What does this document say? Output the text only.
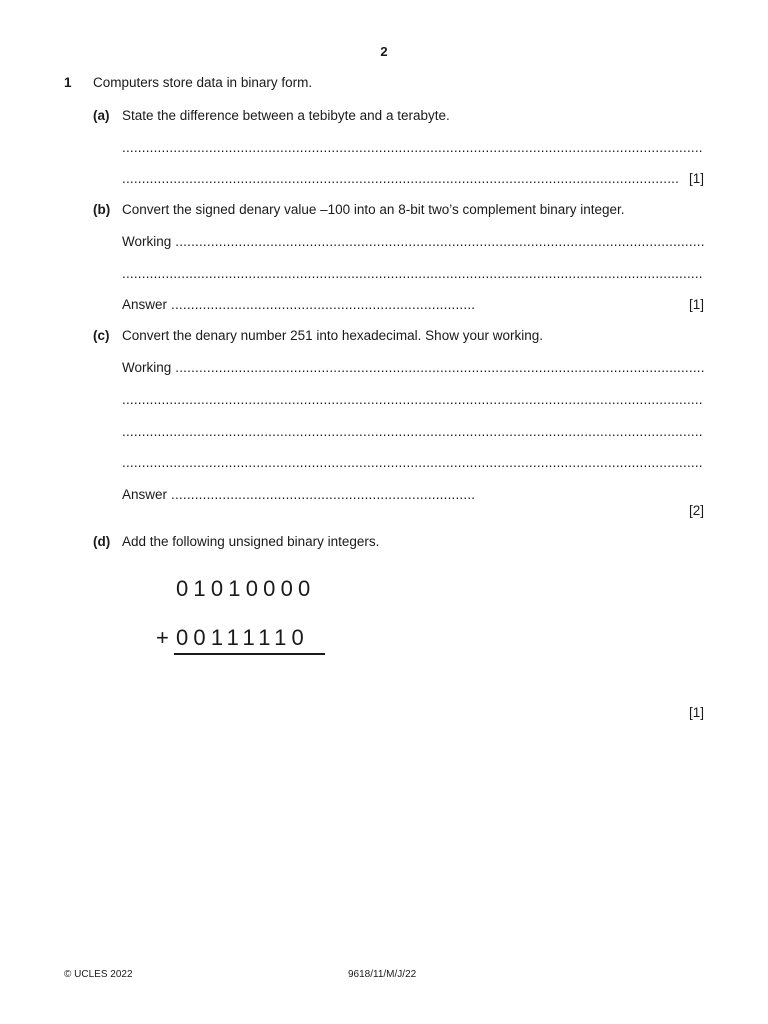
2
1 Computers store data in binary form.
(a) State the difference between a tebibyte and a terabyte.
.....
.....
[1]
(b) Convert the signed denary value –100 into an 8-bit two’s complement binary integer.
Working
.....
.....
Answer
.....	[1]
(c) Convert the denary number 251 into hexadecimal. Show your working.
Working
.....
.....
.....
.....
Answer
.....
[2]
(d) Add the following unsigned binary integers.
01010000
+ 00111110
[1]
© UCLES 2022	9618/11/M/J/22
